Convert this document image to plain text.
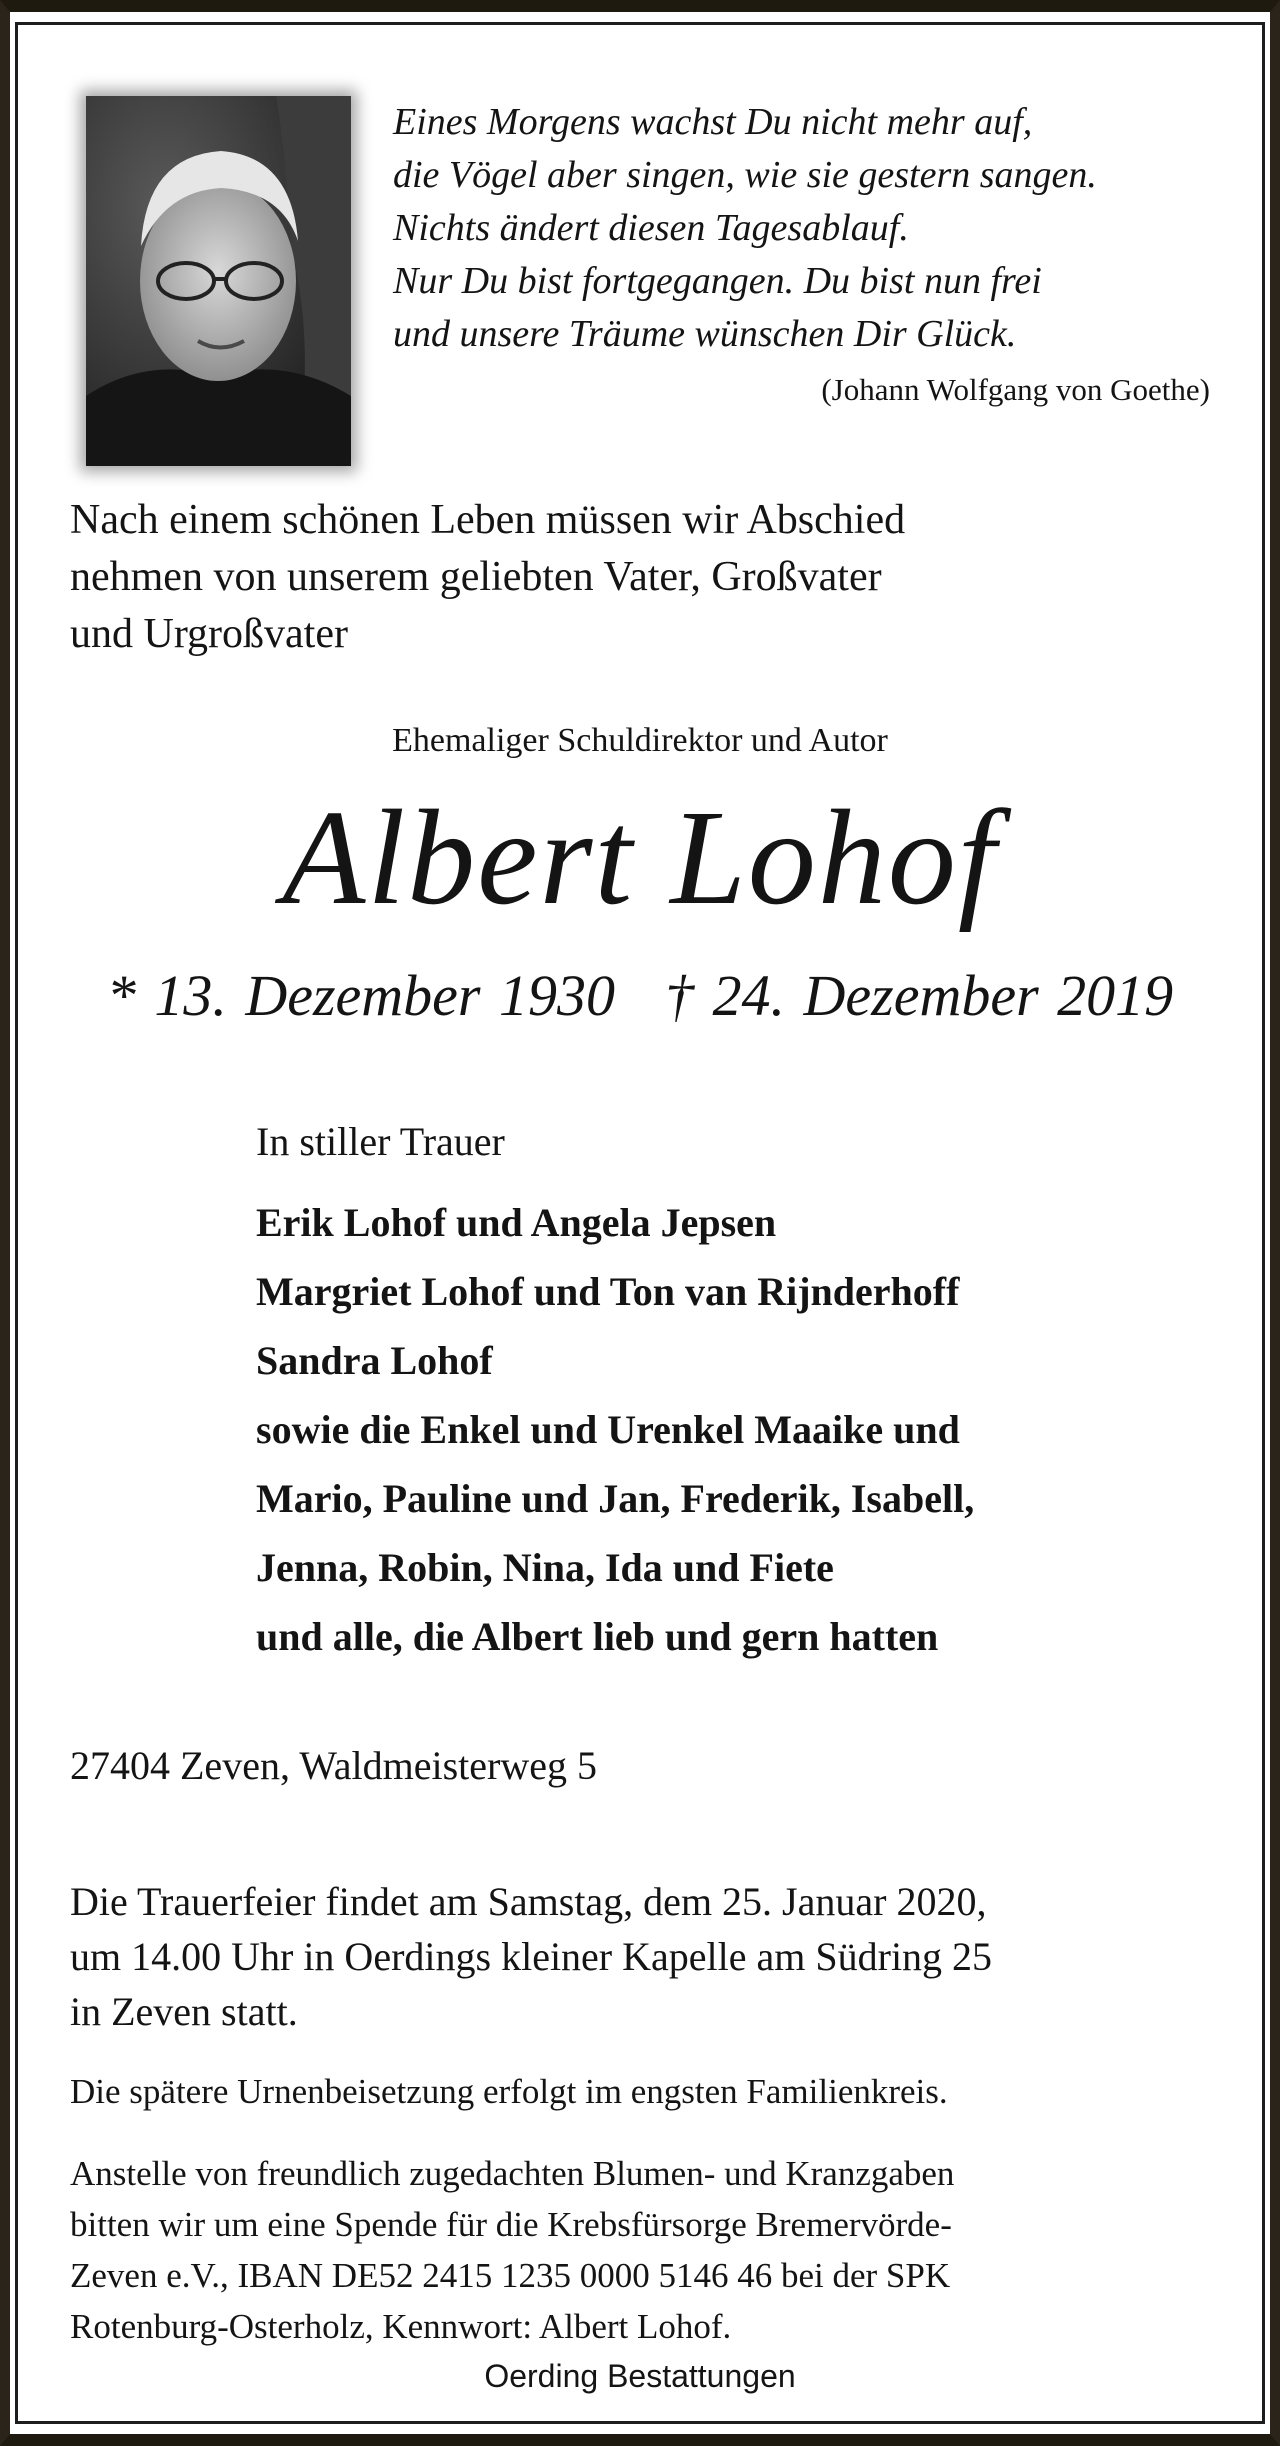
Eines Morgens wachst Du nicht mehr auf,
die Vögel aber singen, wie sie gestern sangen.
Nichts ändert diesen Tagesablauf.
Nur Du bist fortgegangen. Du bist nun frei
und unsere Träume wünschen Dir Glück.
(Johann Wolfgang von Goethe)
Nach einem schönen Leben müssen wir Abschied
nehmen von unserem geliebten Vater, Großvater
und Urgroßvater
Ehemaliger Schuldirektor und Autor
Albert Lohof
* 13. Dezember 1930 † 24. Dezember 2019
In stiller Trauer
Erik Lohof und Angela Jepsen
Margriet Lohof und Ton van Rijnderhoff
Sandra Lohof
sowie die Enkel und Urenkel Maaike und
Mario, Pauline und Jan, Frederik, Isabell,
Jenna, Robin, Nina, Ida und Fiete
und alle, die Albert lieb und gern hatten
27404 Zeven, Waldmeisterweg 5
Die Trauerfeier findet am Samstag, dem 25. Januar 2020,
um 14.00 Uhr in Oerdings kleiner Kapelle am Südring 25
in Zeven statt.
Die spätere Urnenbeisetzung erfolgt im engsten Familienkreis.
Anstelle von freundlich zugedachten Blumen- und Kranzgaben
bitten wir um eine Spende für die Krebsfürsorge Bremervörde-
Zeven e.V., IBAN DE52 2415 1235 0000 5146 46 bei der SPK
Rotenburg-Osterholz, Kennwort: Albert Lohof.
Oerding Bestattungen
